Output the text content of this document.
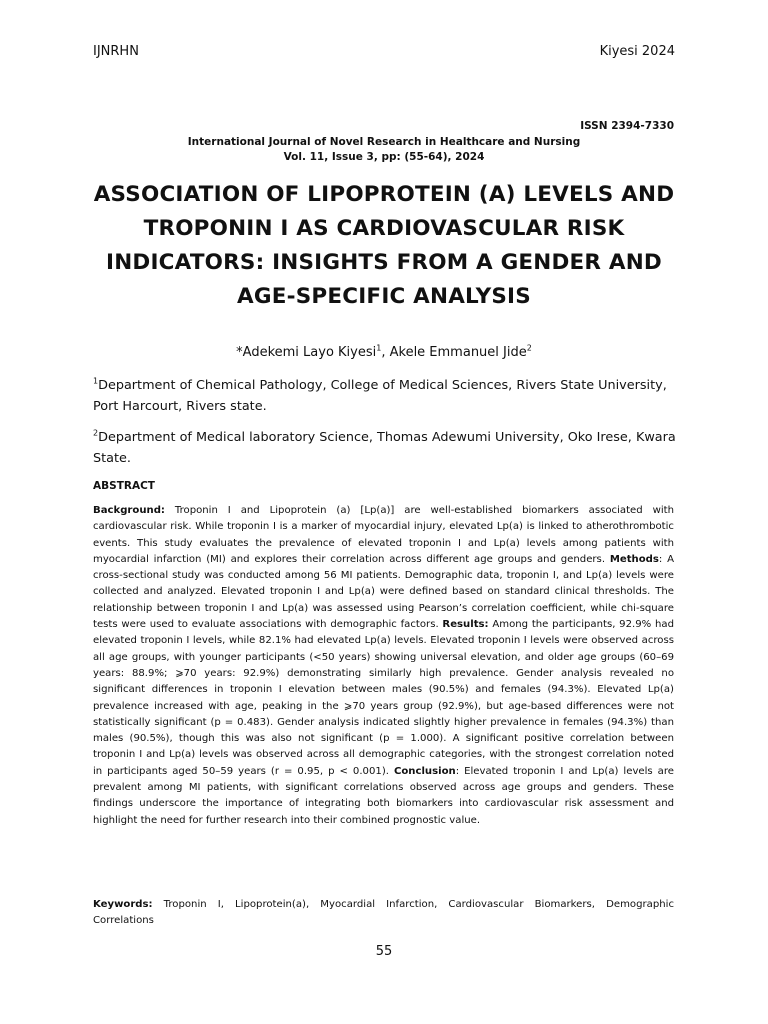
IJNRHN	Kiyesi 2024
ISSN 2394-7330
International Journal of Novel Research in Healthcare and Nursing
Vol. 11, Issue 3, pp: (55-64), 2024
ASSOCIATION OF LIPOPROTEIN (A) LEVELS AND TROPONIN I AS CARDIOVASCULAR RISK INDICATORS: INSIGHTS FROM A GENDER AND AGE-SPECIFIC ANALYSIS
*Adekemi Layo Kiyesi$^1$, Akele Emmanuel Jide$^2$
$^1$Department of Chemical Pathology, College of Medical Sciences, Rivers State University, Port Harcourt, Rivers state.
$^2$Department of Medical laboratory Science, Thomas Adewumi University, Oko Irese, Kwara State.
ABSTRACT
Background: Troponin I and Lipoprotein (a) [Lp(a)] are well-established biomarkers associated with cardiovascular risk. While troponin I is a marker of myocardial injury, elevated Lp(a) is linked to atherothrombotic events. This study evaluates the prevalence of elevated troponin I and Lp(a) levels among patients with myocardial infarction (MI) and explores their correlation across different age groups and genders. Methods: A cross-sectional study was conducted among 56 MI patients. Demographic data, troponin I, and Lp(a) levels were collected and analyzed. Elevated troponin I and Lp(a) were defined based on standard clinical thresholds. The relationship between troponin I and Lp(a) was assessed using Pearson’s correlation coefficient, while chi-square tests were used to evaluate associations with demographic factors. Results: Among the participants, 92.9% had elevated troponin I levels, while 82.1% had elevated Lp(a) levels. Elevated troponin I levels were observed across all age groups, with younger participants (<50 years) showing universal elevation, and older age groups (60–69 years: 88.9%; ⩾70 years: 92.9%) demonstrating similarly high prevalence. Gender analysis revealed no significant differences in troponin I elevation between males (90.5%) and females (94.3%). Elevated Lp(a) prevalence increased with age, peaking in the ⩾70 years group (92.9%), but age-based differences were not statistically significant (p = 0.483). Gender analysis indicated slightly higher prevalence in females (94.3%) than males (90.5%), though this was also not significant (p = 1.000). A significant positive correlation between troponin I and Lp(a) levels was observed across all demographic categories, with the strongest correlation noted in participants aged 50–59 years (r = 0.95, p < 0.001). Conclusion: Elevated troponin I and Lp(a) levels are prevalent among MI patients, with significant correlations observed across age groups and genders. These findings underscore the importance of integrating both biomarkers into cardiovascular risk assessment and highlight the need for further research into their combined prognostic value.
Keywords: Troponin I, Lipoprotein(a), Myocardial Infarction, Cardiovascular Biomarkers, Demographic Correlations
55
